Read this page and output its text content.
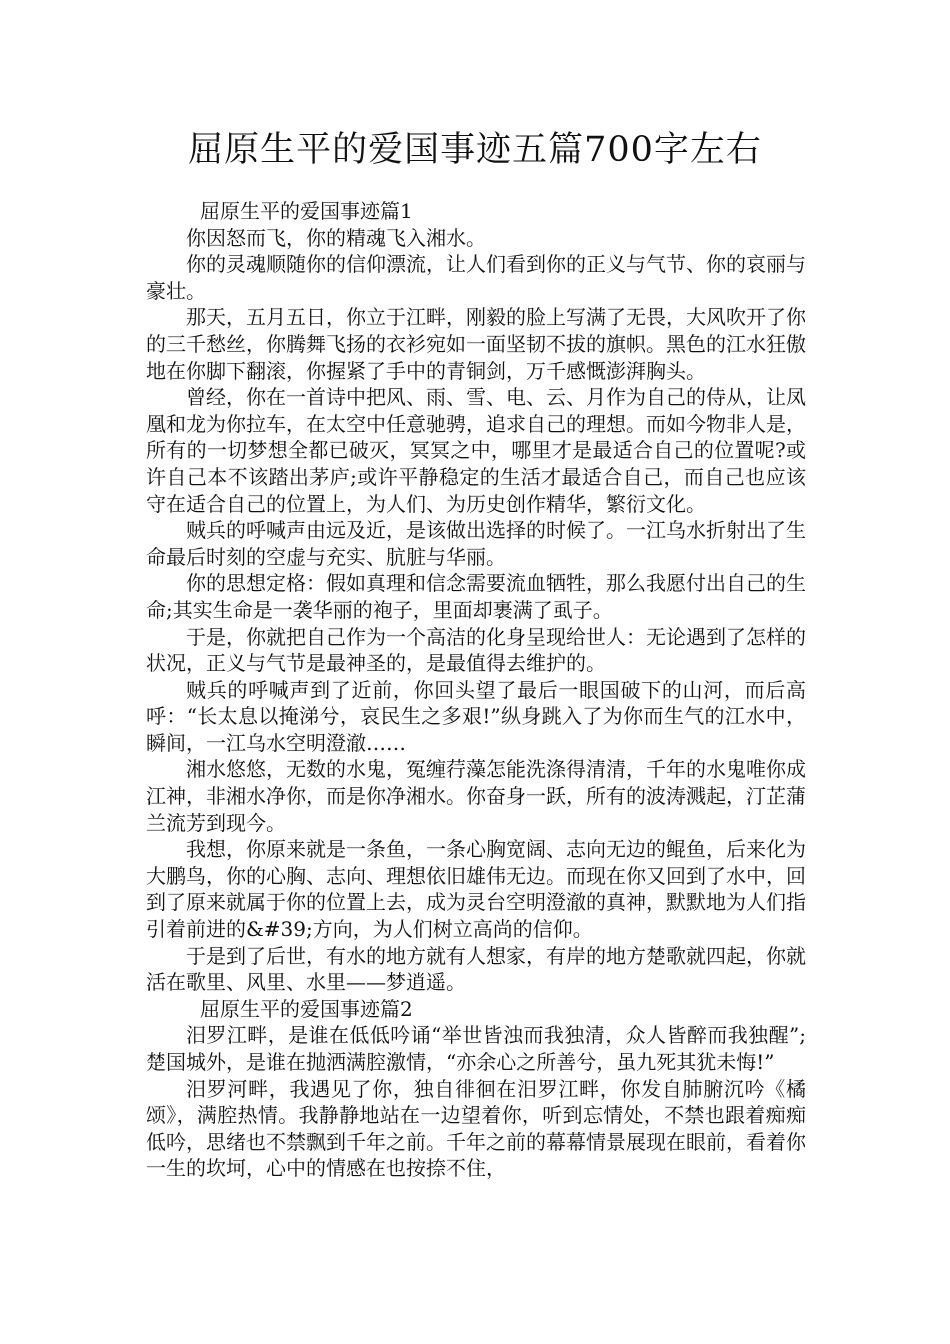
屈原生平的爱国事迹五篇700字左右

屈原生平的爱国事迹篇1

你因怒而飞，你的精魂飞入湘水。

你的灵魂顺随你的信仰漂流，让人们看到你的正义与气节、你的哀丽与豪壮。

那天，五月五日，你立于江畔，刚毅的脸上写满了无畏，大风吹开了你的三千愁丝，你腾舞飞扬的衣衫宛如一面坚韧不拔的旗帜。黑色的江水狂傲地在你脚下翻滚，你握紧了手中的青铜剑，万千感慨澎湃胸头。

曾经，你在一首诗中把风、雨、雪、电、云、月作为自己的侍从，让凤凰和龙为你拉车，在太空中任意驰骋，追求自己的理想。而如今物非人是，所有的一切梦想全都已破灭，冥冥之中，哪里才是最适合自己的位置呢?或许自己本不该踏出茅庐;或许平静稳定的生活才最适合自己，而自己也应该守在适合自己的位置上，为人们、为历史创作精华，繁衍文化。

贼兵的呼喊声由远及近，是该做出选择的时候了。一江乌水折射出了生命最后时刻的空虚与充实、肮脏与华丽。

你的思想定格：假如真理和信念需要流血牺牲，那么我愿付出自己的生命;其实生命是一袭华丽的袍子，里面却裹满了虱子。

于是，你就把自己作为一个高洁的化身呈现给世人：无论遇到了怎样的状况，正义与气节是最神圣的，是最值得去维护的。

贼兵的呼喊声到了近前，你回头望了最后一眼国破下的山河，而后高呼：“长太息以掩涕兮，哀民生之多艰!”纵身跳入了为你而生气的江水中，瞬间，一江乌水空明澄澈……

湘水悠悠，无数的水鬼，冤缠荇藻怎能洗涤得清清，千年的水鬼唯你成江神，非湘水净你，而是你净湘水。你奋身一跃，所有的波涛溅起，汀芷蒲兰流芳到现今。

我想，你原来就是一条鱼，一条心胸宽阔、志向无边的鲲鱼，后来化为大鹏鸟，你的心胸、志向、理想依旧雄伟无边。而现在你又回到了水中，回到了原来就属于你的位置上去，成为灵台空明澄澈的真神，默默地为人们指引着前进的&#39;方向，为人们树立高尚的信仰。

于是到了后世，有水的地方就有人想家，有岸的地方楚歌就四起，你就活在歌里、风里、水里——梦逍遥。

屈原生平的爱国事迹篇2

汨罗江畔，是谁在低低吟诵“举世皆浊而我独清，众人皆醉而我独醒”;楚国城外，是谁在抛洒满腔激情，“亦余心之所善兮，虽九死其犹未悔!”

汨罗河畔，我遇见了你，独自徘徊在汨罗江畔，你发自肺腑沉吟《橘颂》，满腔热情。我静静地站在一边望着你，听到忘情处，不禁也跟着痴痴低吟，思绪也不禁飘到千年之前。千年之前的幕幕情景展现在眼前，看着你一生的坎坷，心中的情感在也按捺不住，
